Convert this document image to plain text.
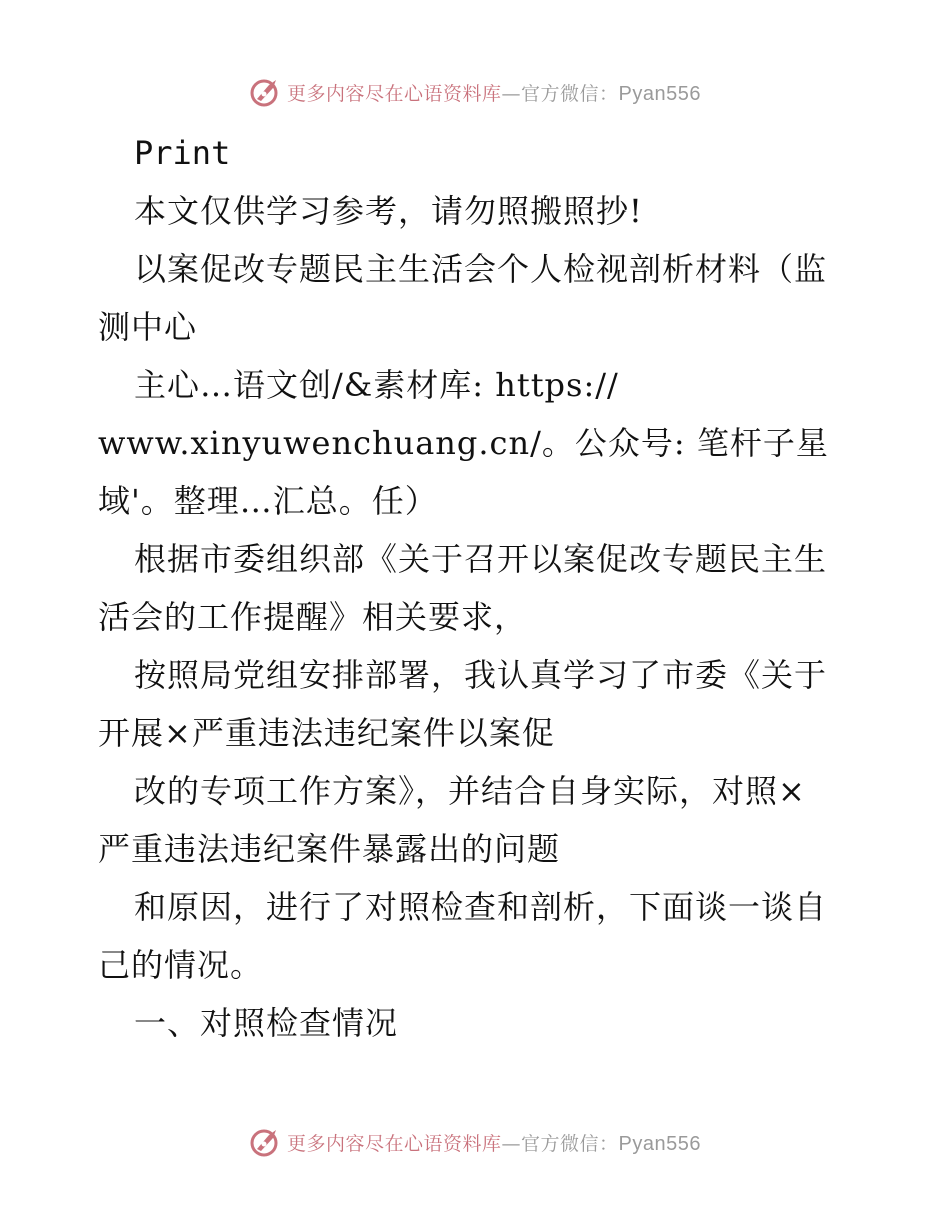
更多内容尽在心语资料库—官方微信：Pyan556
Print
本文仅供学习参考，请勿照搬照抄!
以案促改专题民主生活会个人检视剖析材料（监
测中心
主心…语文创/&素材库: https://
www.xinyuwenchuang.cn/。公众号: 笔杆子星
域'。整理…汇总。任）
根据市委组织部《关于召开以案促改专题民主生
活会的工作提醒》相关要求，
按照局党组安排部署，我认真学习了市委《关于
开展×严重违法违纪案件以案促
改的专项工作方案》，并结合自身实际，对照×
严重违法违纪案件暴露出的问题
和原因，进行了对照检查和剖析，下面谈一谈自
己的情况。
一、对照检查情况
更多内容尽在心语资料库—官方微信：Pyan556
